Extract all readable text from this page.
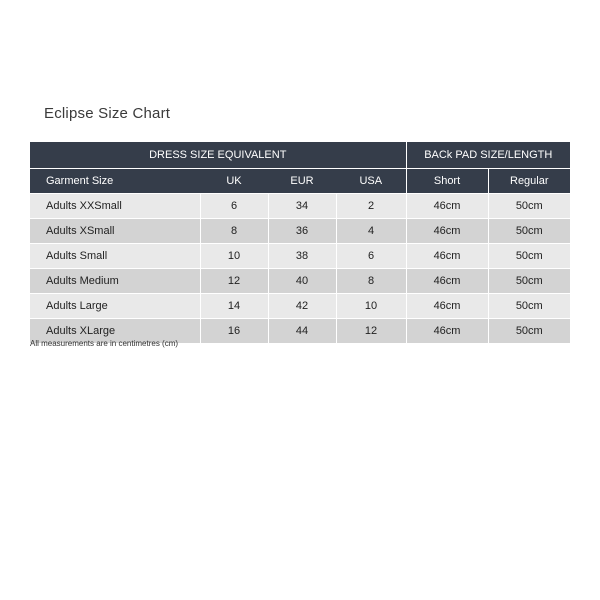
Eclipse Size Chart
DRESS SIZE EQUIVALENT				BACk PAD SIZE/LENGTH	
Garment Size	UK	EUR	USA	Short	Regular
Adults XXSmall	6	34	2	46cm	50cm
Adults XSmall	8	36	4	46cm	50cm
Adults Small	10	38	6	46cm	50cm
Adults Medium	12	40	8	46cm	50cm
Adults Large	14	42	10	46cm	50cm
Adults XLarge	16	44	12	46cm	50cm

All measurements are in centimetres (cm)
